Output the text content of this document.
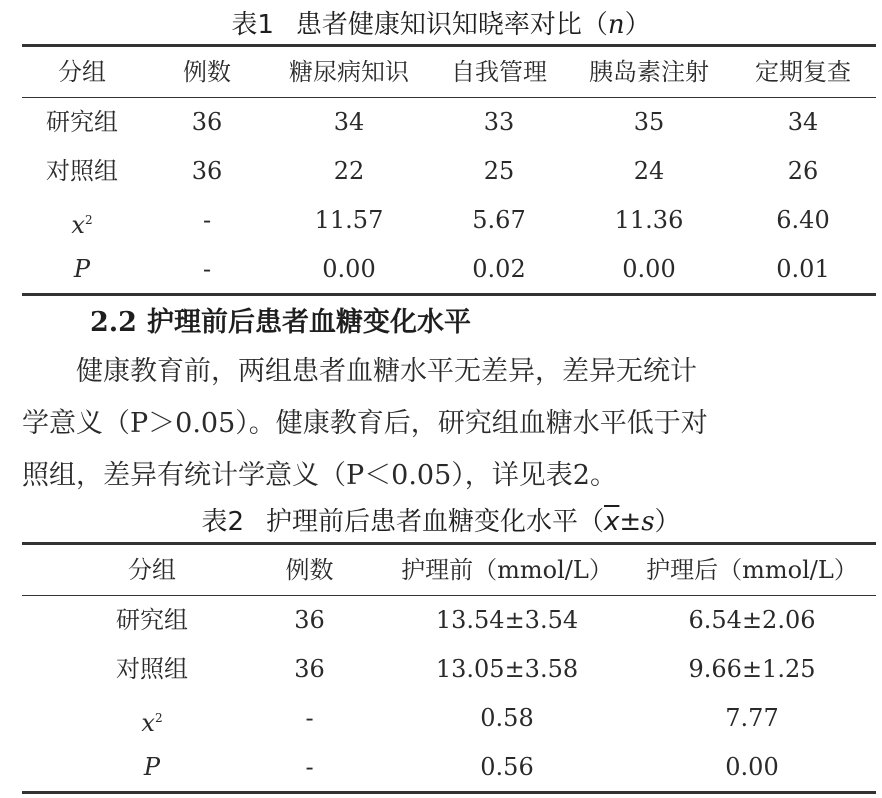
表1 患者健康知识知晓率对比（n）
分组	例数	糖尿病知识	自我管理	胰岛素注射	定期复查
研究组	36	34	33	35	34
对照组	36	22	25	24	26
$x^2$	-	11.57	5.67	11.36	6.40
P	-	0.00	0.02	0.00	0.01
2.2 护理前后患者血糖变化水平
　　健康教育前，两组患者血糖水平无差异，差异无统计
学意义（P＞0.05）。健康教育后，研究组血糖水平低于对
照组，差异有统计学意义（P＜0.05），详见表2。
表2 护理前后患者血糖变化水平$(\overline{x}\pm s)$
分组	例数	护理前（mmol/L）	护理后（mmol/L）
研究组	36	13.54±3.54	6.54±2.06
对照组	36	13.05±3.58	9.66±1.25
$x^2$	-	0.58	7.77
P	-	0.56	0.00
